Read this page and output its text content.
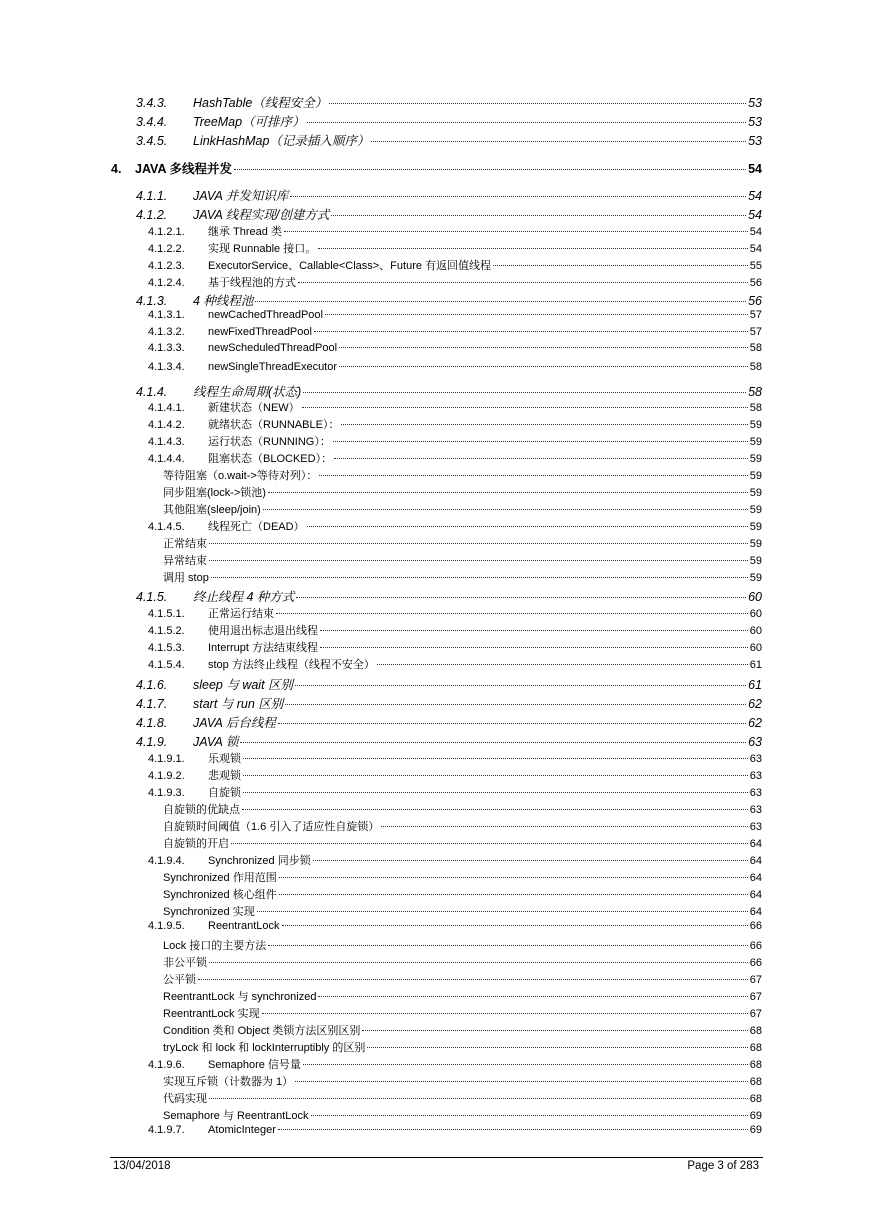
3.4.3.	HashTable（线程安全）	53
3.4.4.	TreeMap（可排序）	53
3.4.5.	LinkHashMap（记录插入顺序）	53
4.	JAVA 多线程并发	54
4.1.1.	JAVA 并发知识库	54
4.1.2.	JAVA 线程实现/创建方式	54
4.1.2.1.	继承 Thread 类	54
4.1.2.2.	实现 Runnable 接口。	54
4.1.2.3.	ExecutorService、Callable<Class>、Future 有返回值线程	55
4.1.2.4.	基于线程池的方式	56
4.1.3.	4 种线程池	56
4.1.3.1.	newCachedThreadPool	57
4.1.3.2.	newFixedThreadPool	57
4.1.3.3.	newScheduledThreadPool	58
4.1.3.4.	newSingleThreadExecutor	58
4.1.4.	线程生命周期(状态)	58
4.1.4.1.	新建状态（NEW）	58
4.1.4.2.	就绪状态（RUNNABLE）：	59
4.1.4.3.	运行状态（RUNNING）：	59
4.1.4.4.	阻塞状态（BLOCKED）：	59
等待阻塞（o.wait->等待对列）：	59
同步阻塞(lock->锁池)	59
其他阻塞(sleep/join)	59
4.1.4.5.	线程死亡（DEAD）	59
正常结束	59
异常结束	59
调用 stop	59
4.1.5.	终止线程 4 种方式	60
4.1.5.1.	正常运行结束	60
4.1.5.2.	使用退出标志退出线程	60
4.1.5.3.	Interrupt 方法结束线程	60
4.1.5.4.	stop 方法终止线程（线程不安全）	61
4.1.6.	sleep 与 wait 区别	61
4.1.7.	start 与 run 区别	62
4.1.8.	JAVA 后台线程	62
4.1.9.	JAVA 锁	63
4.1.9.1.	乐观锁	63
4.1.9.2.	悲观锁	63
4.1.9.3.	自旋锁	63
自旋锁的优缺点	63
自旋锁时间阈值（1.6 引入了适应性自旋锁）	63
自旋锁的开启	64
4.1.9.4.	Synchronized 同步锁	64
Synchronized 作用范围	64
Synchronized 核心组件	64
Synchronized 实现	64
4.1.9.5.	ReentrantLock	66
Lock 接口的主要方法	66
非公平锁	66
公平锁	67
ReentrantLock 与 synchronized	67
ReentrantLock 实现	67
Condition 类和 Object 类锁方法区别区别	68
tryLock 和 lock 和 lockInterruptibly 的区别	68
4.1.9.6.	Semaphore 信号量	68
实现互斥锁（计数器为 1）	68
代码实现	68
Semaphore 与 ReentrantLock	69
4.1.9.7.	AtomicInteger	69
13/04/2018	Page 3 of 283
